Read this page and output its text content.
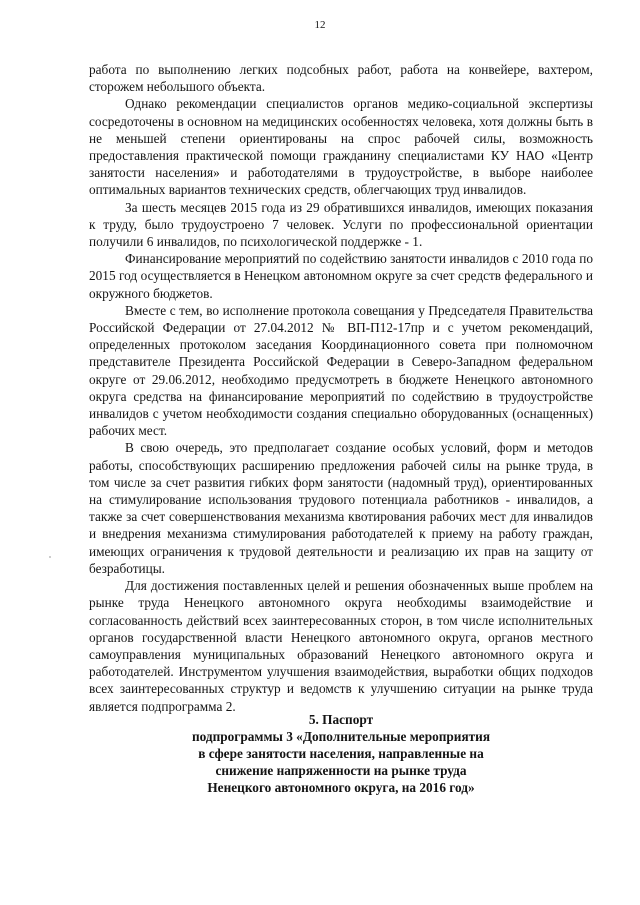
12

работа по выполнению легких подсобных работ, работа на конвейере, вахтером, сторожем небольшого объекта.

Однако рекомендации специалистов органов медико-социальной экспертизы сосредоточены в основном на медицинских особенностях человека, хотя должны быть в не меньшей степени ориентированы на спрос рабочей силы, возможность предоставления практической помощи гражданину специалистами КУ НАО «Центр занятости населения» и работодателями в трудоустройстве, в выборе наиболее оптимальных вариантов технических средств, облегчающих труд инвалидов.

За шесть месяцев 2015 года из 29 обратившихся инвалидов, имеющих показания к труду, было трудоустроено 7 человек. Услуги по профессиональной ориентации получили 6 инвалидов, по психологической поддержке - 1.

Финансирование мероприятий по содействию занятости инвалидов с 2010 года по 2015 год осуществляется в Ненецком автономном округе за счет средств федерального и окружного бюджетов.

Вместе с тем, во исполнение протокола совещания у Председателя Правительства Российской Федерации от 27.04.2012 № ВП-П12-17пр и с учетом рекомендаций, определенных протоколом заседания Координационного совета при полномочном представителе Президента Российской Федерации в Северо-Западном федеральном округе от 29.06.2012, необходимо предусмотреть в бюджете Ненецкого автономного округа средства на финансирование мероприятий по содействию в трудоустройстве инвалидов с учетом необходимости создания специально оборудованных (оснащенных) рабочих мест.

В свою очередь, это предполагает создание особых условий, форм и методов работы, способствующих расширению предложения рабочей силы на рынке труда, в том числе за счет развития гибких форм занятости (надомный труд), ориентированных на стимулирование использования трудового потенциала работников - инвалидов, а также за счет совершенствования механизма квотирования рабочих мест для инвалидов и внедрения механизма стимулирования работодателей к приему на работу граждан, имеющих ограничения к трудовой деятельности и реализацию их прав на защиту от безработицы.

Для достижения поставленных целей и решения обозначенных выше проблем на рынке труда Ненецкого автономного округа необходимы взаимодействие и согласованность действий всех заинтересованных сторон, в том числе исполнительных органов государственной власти Ненецкого автономного округа, органов местного самоуправления муниципальных образований Ненецкого автономного округа и работодателей. Инструментом улучшения взаимодействия, выработки общих подходов всех заинтересованных структур и ведомств к улучшению ситуации на рынке труда является подпрограмма 2.

5. Паспорт
подпрограммы 3 «Дополнительные мероприятия
в сфере занятости населения, направленные на
снижение напряженности на рынке труда
Ненецкого автономного округа, на 2016 год»
